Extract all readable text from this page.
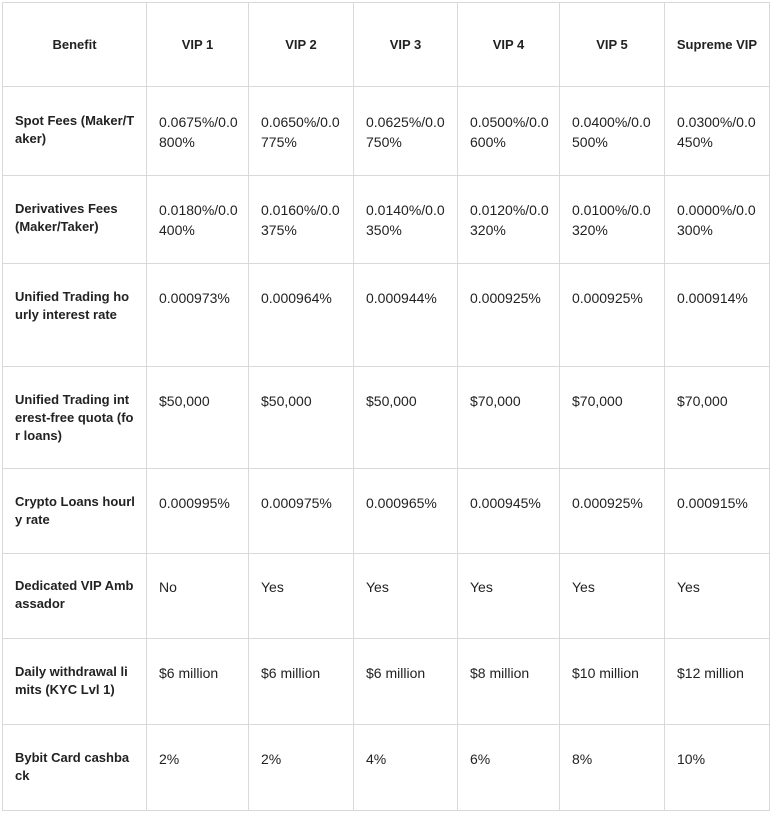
Benefit	VIP 1	VIP 2	VIP 3	VIP 4	VIP 5	Supreme VIP
Spot Fees (Maker/Taker)	0.0675%/0.0800%	0.0650%/0.0775%	0.0625%/0.0750%	0.0500%/0.0600%	0.0400%/0.0500%	0.0300%/0.0450%
Derivatives Fees (Maker/Taker)	0.0180%/0.0400%	0.0160%/0.0375%	0.0140%/0.0350%	0.0120%/0.0320%	0.0100%/0.0320%	0.0000%/0.0300%
Unified Trading hourly interest rate	0.000973%	0.000964%	0.000944%	0.000925%	0.000925%	0.000914%
Unified Trading interest-free quota (for loans)	$50,000	$50,000	$50,000	$70,000	$70,000	$70,000
Crypto Loans hourly rate	0.000995%	0.000975%	0.000965%	0.000945%	0.000925%	0.000915%
Dedicated VIP Ambassador	No	Yes	Yes	Yes	Yes	Yes
Daily withdrawal limits (KYC Lvl 1)	$6 million	$6 million	$6 million	$8 million	$10 million	$12 million
Bybit Card cashback	2%	2%	4%	6%	8%	10%
